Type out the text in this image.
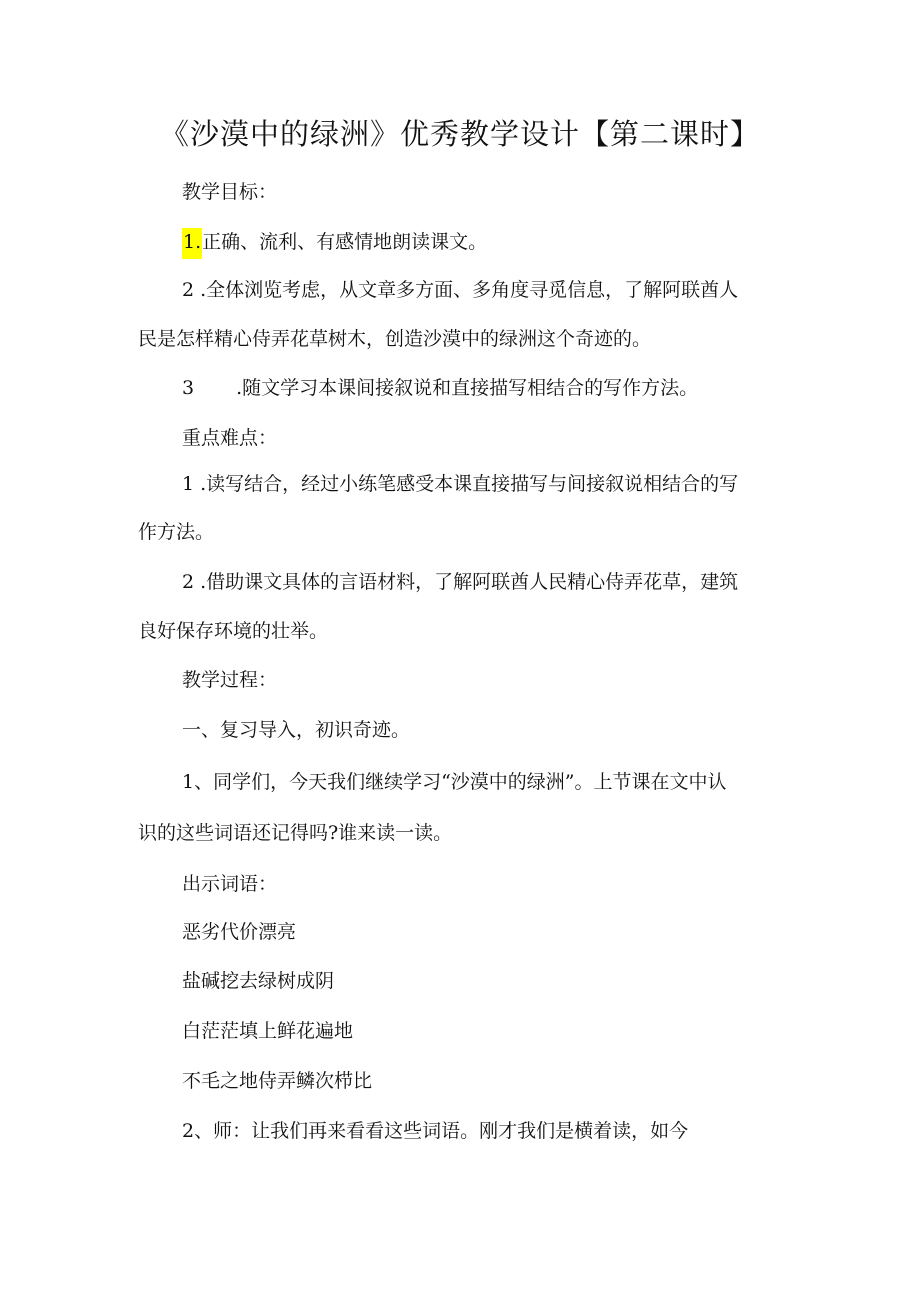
《沙漠中的绿洲》优秀教学设计【第二课时】
教学目标：
1.正确、流利、有感情地朗读课文。
2 .全体浏览考虑，从文章多方面、多角度寻觅信息，了解阿联酋人
民是怎样精心侍弄花草树木，创造沙漠中的绿洲这个奇迹的。
3 .随文学习本课间接叙说和直接描写相结合的写作方法。
重点难点：
1 .读写结合，经过小练笔感受本课直接描写与间接叙说相结合的写
作方法。
2 .借助课文具体的言语材料，了解阿联酋人民精心侍弄花草，建筑
良好保存环境的壮举。
教学过程：
一、复习导入，初识奇迹。
1、同学们，今天我们继续学习“沙漠中的绿洲”。上节课在文中认
识的这些词语还记得吗?谁来读一读。
出示词语：
恶劣代价漂亮
盐碱挖去绿树成阴
白茫茫填上鲜花遍地
不毛之地侍弄鳞次栉比
2、师：让我们再来看看这些词语。刚才我们是横着读，如今
